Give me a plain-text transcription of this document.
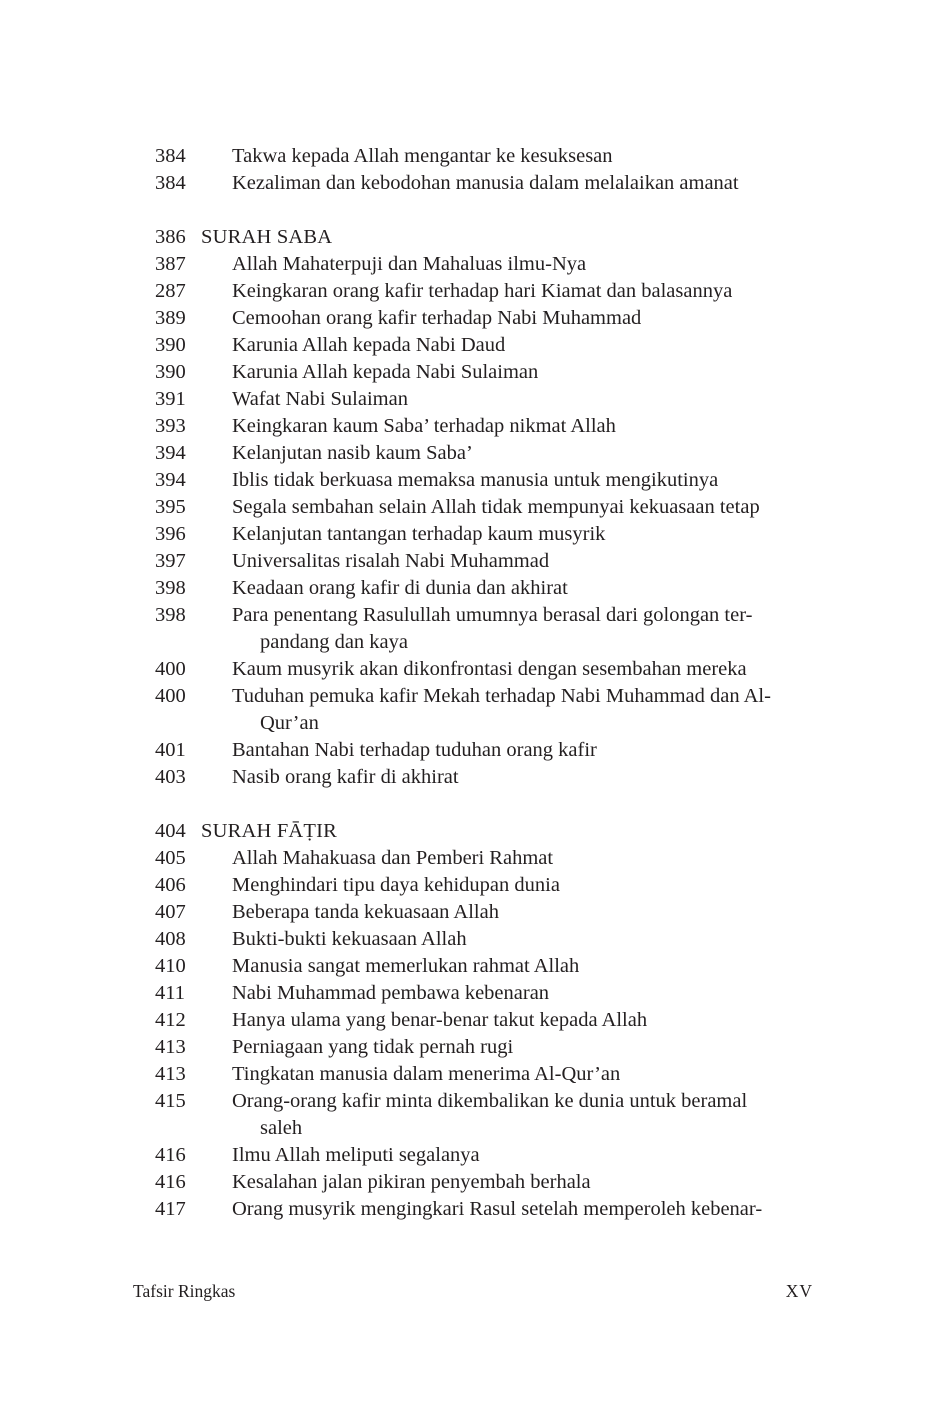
384	Takwa kepada Allah mengantar ke kesuksesan
384	Kezaliman dan kebodohan manusia dalam melalaikan amanat
386 SURAH SABA
387	Allah Mahaterpuji dan Mahaluas ilmu-Nya
287	Keingkaran orang kafir terhadap hari Kiamat dan balasannya
389	Cemoohan orang kafir terhadap Nabi Muhammad
390	Karunia Allah kepada Nabi Daud
390	Karunia Allah kepada Nabi Sulaiman
391	Wafat Nabi Sulaiman
393	Keingkaran kaum Saba’ terhadap nikmat Allah
394	Kelanjutan nasib kaum Saba’
394	Iblis tidak berkuasa memaksa manusia untuk mengikutinya
395	Segala sembahan selain Allah tidak mempunyai kekuasaan tetap
396	Kelanjutan tantangan terhadap kaum musyrik
397	Universalitas risalah Nabi Muhammad
398	Keadaan orang kafir di dunia dan akhirat
398	Para penentang Rasulullah umumnya berasal dari golongan ter-
pandang dan kaya
400	Kaum musyrik akan dikonfrontasi dengan sesembahan mereka
400	Tuduhan pemuka kafir Mekah terhadap Nabi Muhammad dan Al-
Qur’an
401	Bantahan Nabi terhadap tuduhan orang kafir
403	Nasib orang kafir di akhirat
404 SURAH FĀṬIR
405	Allah Mahakuasa dan Pemberi Rahmat
406	Menghindari tipu daya kehidupan dunia
407	Beberapa tanda kekuasaan Allah
408	Bukti-bukti kekuasaan Allah
410	Manusia sangat memerlukan rahmat Allah
411	Nabi Muhammad pembawa kebenaran
412	Hanya ulama yang benar-benar takut kepada Allah
413	Perniagaan yang tidak pernah rugi
413	Tingkatan manusia dalam menerima Al-Qur’an
415	Orang-orang kafir minta dikembalikan ke dunia untuk beramal
saleh
416	Ilmu Allah meliputi segalanya
416	Kesalahan jalan pikiran penyembah berhala
417	Orang musyrik mengingkari Rasul setelah memperoleh kebenar-
Tafsir Ringkas	XV
